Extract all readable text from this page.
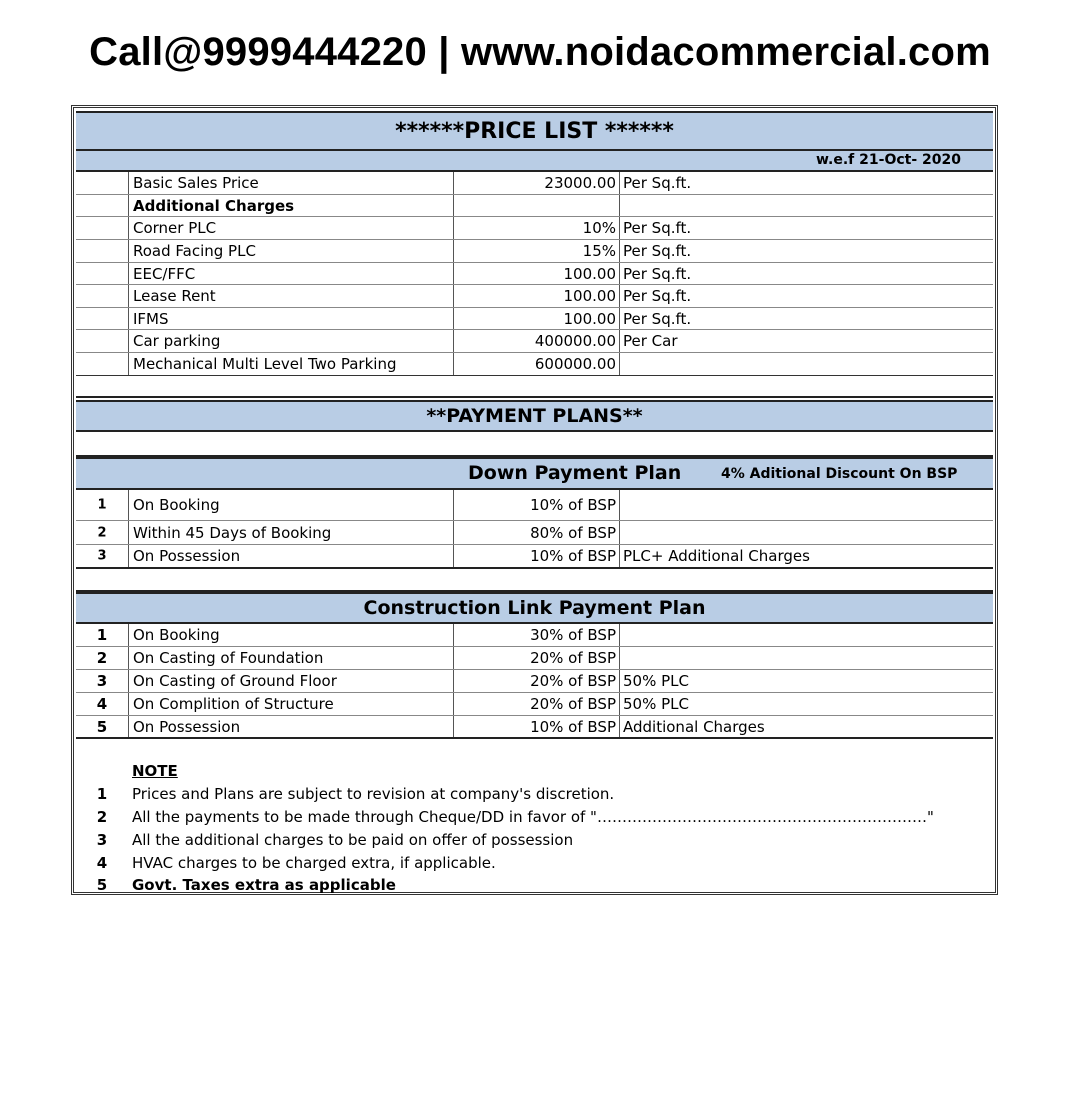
Call@9999444220 | www.noidacommercial.com
******PRICE LIST ******
w.e.f 21-Oct- 2020
Basic Sales Price	23000.00 Per Sq.ft.
Additional Charges
Corner PLC	10% Per Sq.ft.
Road Facing PLC	15% Per Sq.ft.
EEC/FFC	100.00 Per Sq.ft.
Lease Rent	100.00 Per Sq.ft.
IFMS	100.00 Per Sq.ft.
Car parking	400000.00 Per Car
Mechanical Multi Level Two Parking	600000.00
**PAYMENT PLANS**
Down Payment Plan	4% Aditional Discount On BSP
1	On Booking	10% of BSP
2	Within 45 Days of Booking	80% of BSP
3	On Possession	10% of BSP PLC+ Additional Charges
Construction Link Payment Plan
1	On Booking	30% of BSP
2	On Casting of Foundation	20% of BSP
3	On Casting of Ground Floor	20% of BSP 50% PLC
4	On Complition of Structure	20% of BSP 50% PLC
5	On Possession	10% of BSP Additional Charges
NOTE
1	Prices and Plans are subject to revision at company's discretion.
2	All the payments to be made through Cheque/DD in favor of "…………………………………………………………"
3	All the additional charges to be paid on offer of possession
4	HVAC charges to be charged extra, if applicable.
5	Govt. Taxes extra as applicable
